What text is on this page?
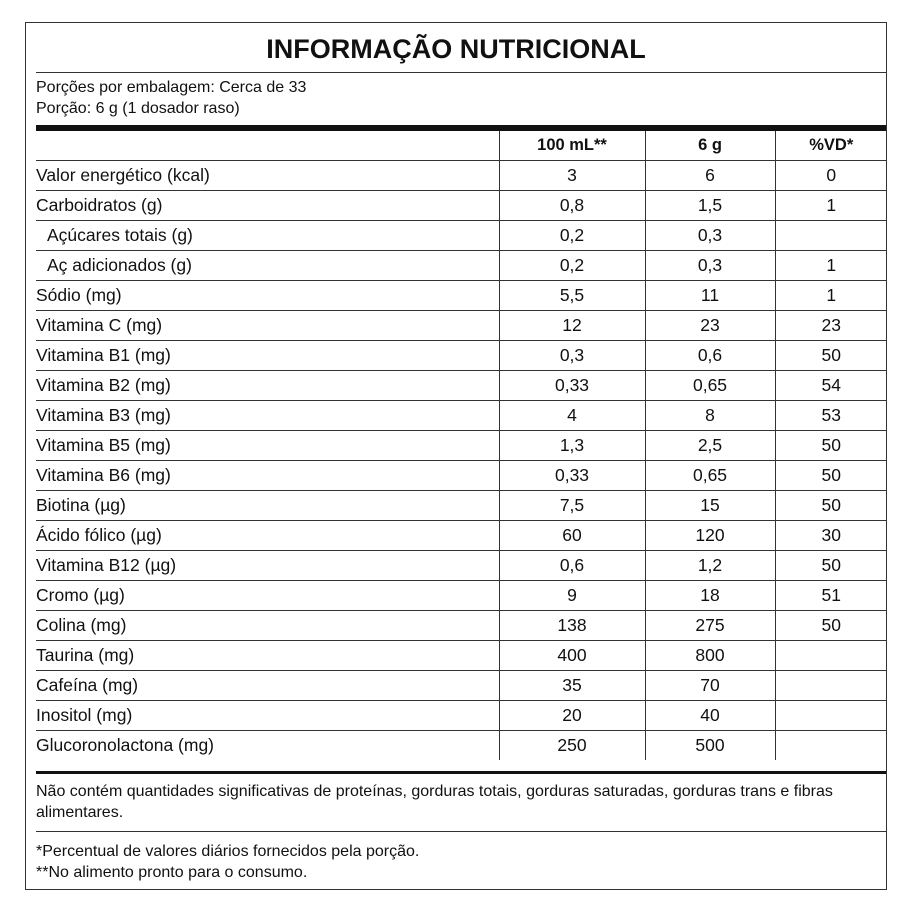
INFORMAÇÃO NUTRICIONAL
Porções por embalagem: Cerca de 33
Porção: 6 g (1 dosador raso)
	100 mL**	6 g	%VD*
Valor energético (kcal)	3	6	0
Carboidratos (g)	0,8	1,5	1
Açúcares totais (g)	0,2	0,3	
Aç adicionados (g)	0,2	0,3	1
Sódio (mg)	5,5	11	1
Vitamina C (mg)	12	23	23
Vitamina B1 (mg)	0,3	0,6	50
Vitamina B2 (mg)	0,33	0,65	54
Vitamina B3 (mg)	4	8	53
Vitamina B5 (mg)	1,3	2,5	50
Vitamina B6 (mg)	0,33	0,65	50
Biotina (µg)	7,5	15	50
Ácido fólico (µg)	60	120	30
Vitamina B12 (µg)	0,6	1,2	50
Cromo (µg)	9	18	51
Colina (mg)	138	275	50
Taurina (mg)	400	800	
Cafeína (mg)	35	70	
Inositol (mg)	20	40	
Glucoronolactona (mg)	250	500	
Não contém quantidades significativas de proteínas, gorduras totais, gorduras saturadas, gorduras trans e fibras alimentares.
*Percentual de valores diários fornecidos pela porção.
**No alimento pronto para o consumo.
